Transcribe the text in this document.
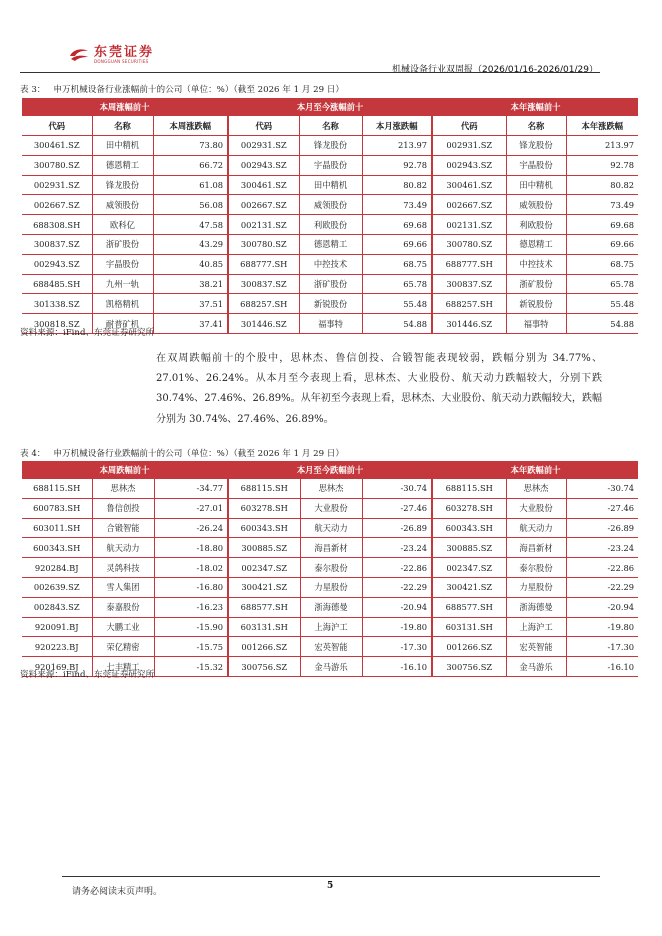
东莞证券
DONGGUAN SECURITIES
机械设备行业双周报（2026/01/16-2026/01/29）
表 3： 申万机械设备行业涨幅前十的公司（单位：%）（截至 2026 年 1 月 29 日）
本周涨幅前十			本月至今涨幅前十			本年涨幅前十		
代码	名称	本周涨跌幅	代码	名称	本月涨跌幅	代码	名称	本年涨跌幅
300461.SZ	田中精机	73.80	002931.SZ	锋龙股份	213.97	002931.SZ	锋龙股份	213.97
300780.SZ	德恩精工	66.72	002943.SZ	宇晶股份	92.78	002943.SZ	宇晶股份	92.78
002931.SZ	锋龙股份	61.08	300461.SZ	田中精机	80.82	300461.SZ	田中精机	80.82
002667.SZ	威领股份	56.08	002667.SZ	威领股份	73.49	002667.SZ	威领股份	73.49
688308.SH	欧科亿	47.58	002131.SZ	利欧股份	69.68	002131.SZ	利欧股份	69.68
300837.SZ	浙矿股份	43.29	300780.SZ	德恩精工	69.66	300780.SZ	德恩精工	69.66
002943.SZ	宇晶股份	40.85	688777.SH	中控技术	68.75	688777.SH	中控技术	68.75
688485.SH	九州一轨	38.21	300837.SZ	浙矿股份	65.78	300837.SZ	浙矿股份	65.78
301338.SZ	凯格精机	37.51	688257.SH	新锐股份	55.48	688257.SH	新锐股份	55.48
300818.SZ	耐普矿机	37.41	301446.SZ	福事特	54.88	301446.SZ	福事特	54.88
资料来源：iFind、东莞证券研究所
在双周跌幅前十的个股中，思林杰、鲁信创投、合锻智能表现较弱，跌幅分别为 34.77%、27.01%、26.24%。从本月至今表现上看，思林杰、大业股份、航天动力跌幅较大，分别下跌 30.74%、27.46%、26.89%。从年初至今表现上看，思林杰、大业股份、航天动力跌幅较大，跌幅分别为 30.74%、27.46%、26.89%。
表 4： 申万机械设备行业跌幅前十的公司（单位：%）（截至 2026 年 1 月 29 日）
本周跌幅前十			本月至今跌幅前十			本年跌幅前十		
688115.SH	思林杰	-34.77	688115.SH	思林杰	-30.74	688115.SH	思林杰	-30.74
600783.SH	鲁信创投	-27.01	603278.SH	大业股份	-27.46	603278.SH	大业股份	-27.46
603011.SH	合锻智能	-26.24	600343.SH	航天动力	-26.89	600343.SH	航天动力	-26.89
600343.SH	航天动力	-18.80	300885.SZ	海昌新材	-23.24	300885.SZ	海昌新材	-23.24
920284.BJ	灵鸽科技	-18.02	002347.SZ	泰尔股份	-22.86	002347.SZ	泰尔股份	-22.86
002639.SZ	雪人集团	-16.80	300421.SZ	力星股份	-22.29	300421.SZ	力星股份	-22.29
002843.SZ	泰嘉股份	-16.23	688577.SH	浙海德曼	-20.94	688577.SH	浙海德曼	-20.94
920091.BJ	大鹏工业	-15.90	603131.SH	上海沪工	-19.80	603131.SH	上海沪工	-19.80
920223.BJ	荣亿精密	-15.75	001266.SZ	宏英智能	-17.30	001266.SZ	宏英智能	-17.30
920169.BJ	七丰精工	-15.32	300756.SZ	金马游乐	-16.10	300756.SZ	金马游乐	-16.10
资料来源：iFind、东莞证券研究所
请务必阅读末页声明。
5
